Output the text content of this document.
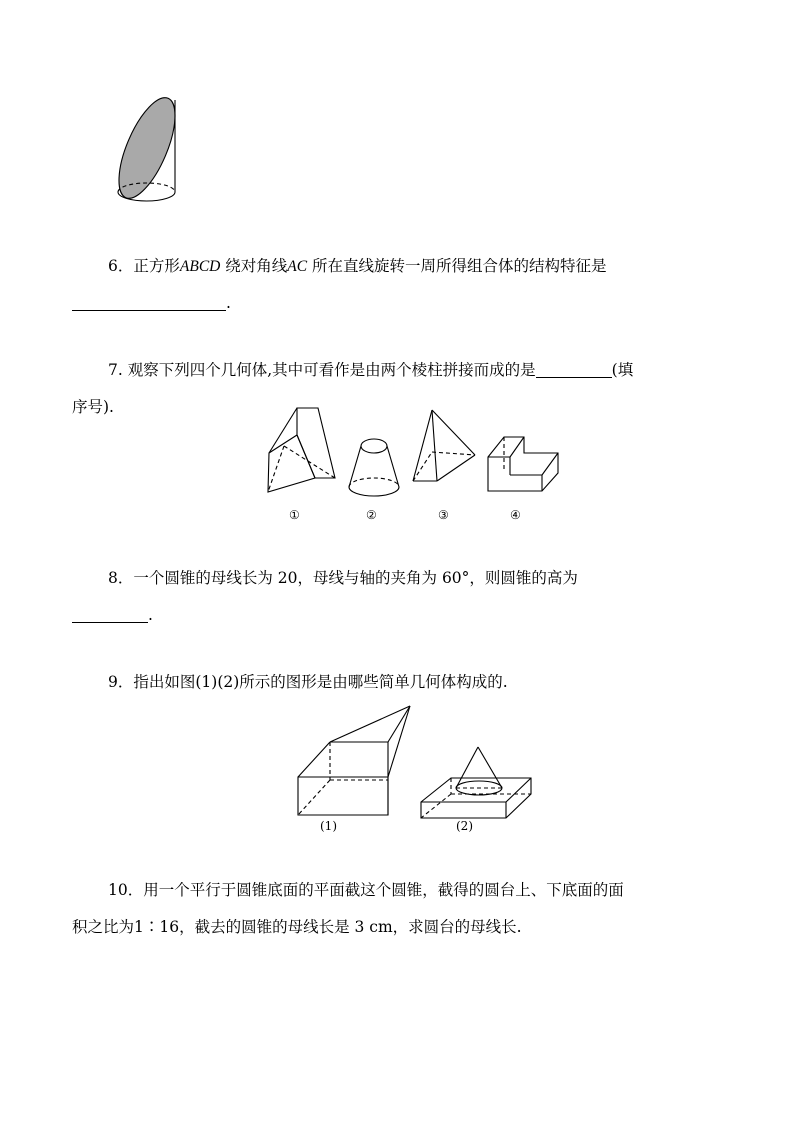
6．正方形ABCD 绕对角线AC 所在直线旋转一周所得组合体的结构特征是
.
7. 观察下列四个几何体,其中可看作是由两个棱柱拼接而成的是	(填
序号).
①	②	③	④
8．一个圆锥的母线长为 20，母线与轴的夹角为 60°，则圆锥的高为
.
9．指出如图(1)(2)所示的图形是由哪些简单几何体构成的.
(1)	(2)
10．用一个平行于圆锥底面的平面截这个圆锥，截得的圆台上、下底面的面
积之比为1∶16，截去的圆锥的母线长是 3 cm，求圆台的母线长.
